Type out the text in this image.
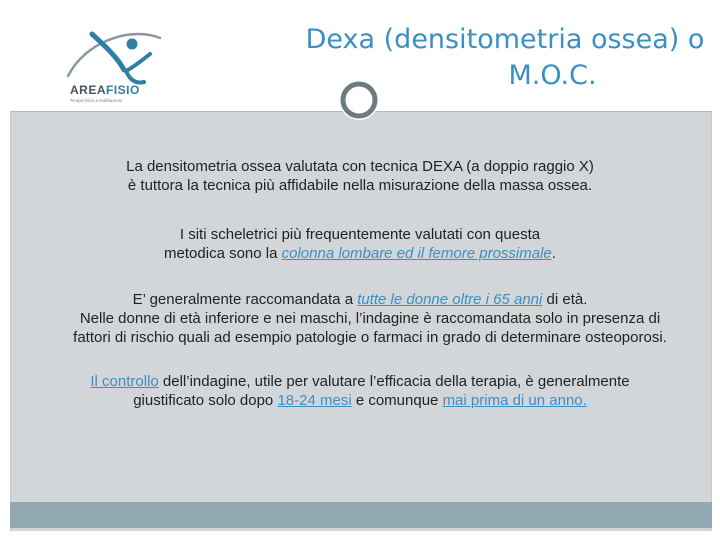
AREAFISIO
Terapia fisica e riabilitazione
Dexa (densitometria ossea) o
M.O.C.
La densitometria ossea valutata con tecnica DEXA (a doppio raggio X)
è tuttora la tecnica più affidabile nella misurazione della massa ossea.
I siti scheletrici più frequentemente valutati con questa
metodica sono la colonna lombare ed il femore prossimale.
E’ generalmente raccomandata a tutte le donne oltre i 65 anni di età.
Nelle donne di età inferiore e nei maschi, l’indagine è raccomandata solo in presenza di
fattori di rischio quali ad esempio patologie o farmaci in grado di determinare osteoporosi.
Il controllo dell’indagine, utile per valutare l’efficacia della terapia, è generalmente
giustificato solo dopo 18-24 mesi e comunque mai prima di un anno.
